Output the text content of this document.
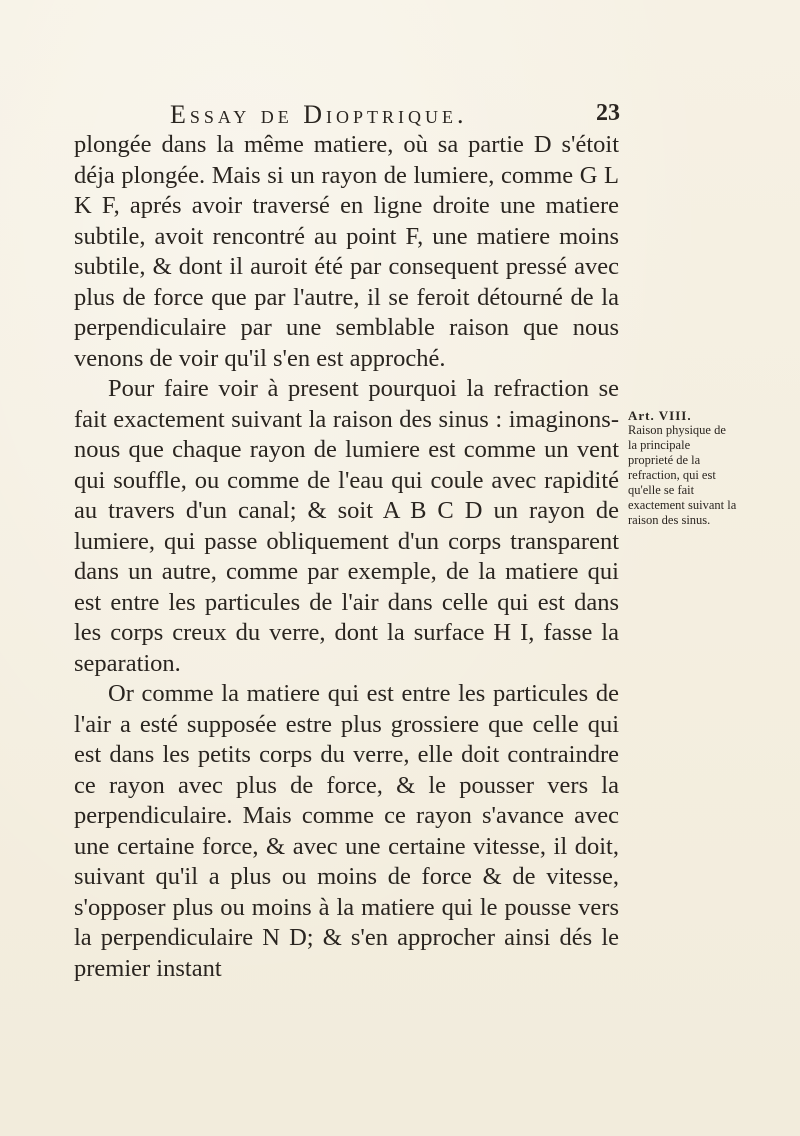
Essay de Dioptrique.	23

plongée dans la même matiere, où sa partie D s'étoit déja plongée. Mais si un rayon de lumiere, comme G L K F, aprés avoir traversé en ligne droite une matiere subtile, avoit rencontré au point F, une matiere moins subtile, & dont il auroit été par consequent pressé avec plus de force que par l'autre, il se feroit détourné de la perpendiculaire par une semblable raison que nous venons de voir qu'il s'en est approché.

Pour faire voir à present pourquoi la refraction se fait exactement suivant la raison des sinus : imaginons-nous que chaque rayon de lumiere est comme un vent qui souffle, ou comme de l'eau qui coule avec rapidité au travers d'un canal; & soit A B C D un rayon de lumiere, qui passe obliquement d'un corps transparent dans un autre, comme par exemple, de la matiere qui est entre les particules de l'air dans celle qui est dans les corps creux du verre, dont la surface H I, fasse la separation.

Or comme la matiere qui est entre les particules de l'air a esté supposée estre plus grossiere que celle qui est dans les petits corps du verre, elle doit contraindre ce rayon avec plus de force, & le pousser vers la perpendiculaire. Mais comme ce rayon s'avance avec une certaine force, & avec une certaine vitesse, il doit, suivant qu'il a plus ou moins de force & de vitesse, s'opposer plus ou moins à la matiere qui le pousse vers la perpendiculaire N D; & s'en approcher ainsi dés le premier instant

Art. VIII.
Raison physique de la principale proprieté de la refraction, qui est qu'elle se fait exactement suivant la raison des sinus.
